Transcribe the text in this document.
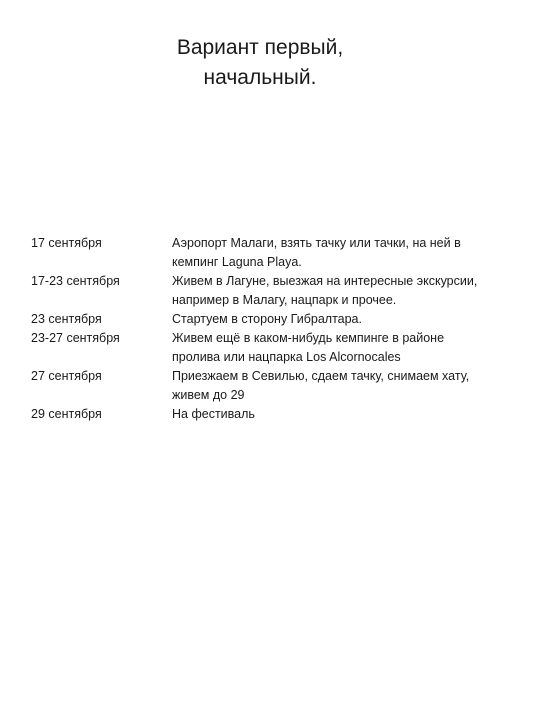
Вариант первый,
начальный.
17 сентября	Аэропорт Малаги, взять тачку или тачки, на ней в
кемпинг Laguna Playa.
17-23 сентября	Живем в Лагуне, выезжая на интересные экскурсии,
например в Малагу, нацпарк и прочее.
23 сентября	Стартуем в сторону Гибралтара.
23-27 сентября	Живем ещё в каком-нибудь кемпинге в районе
пролива или нацпарка Los Alcornocales
27 сентября	Приезжаем в Севилью, сдаем тачку, снимаем хату,
живем до 29
29 сентября	На фестиваль
